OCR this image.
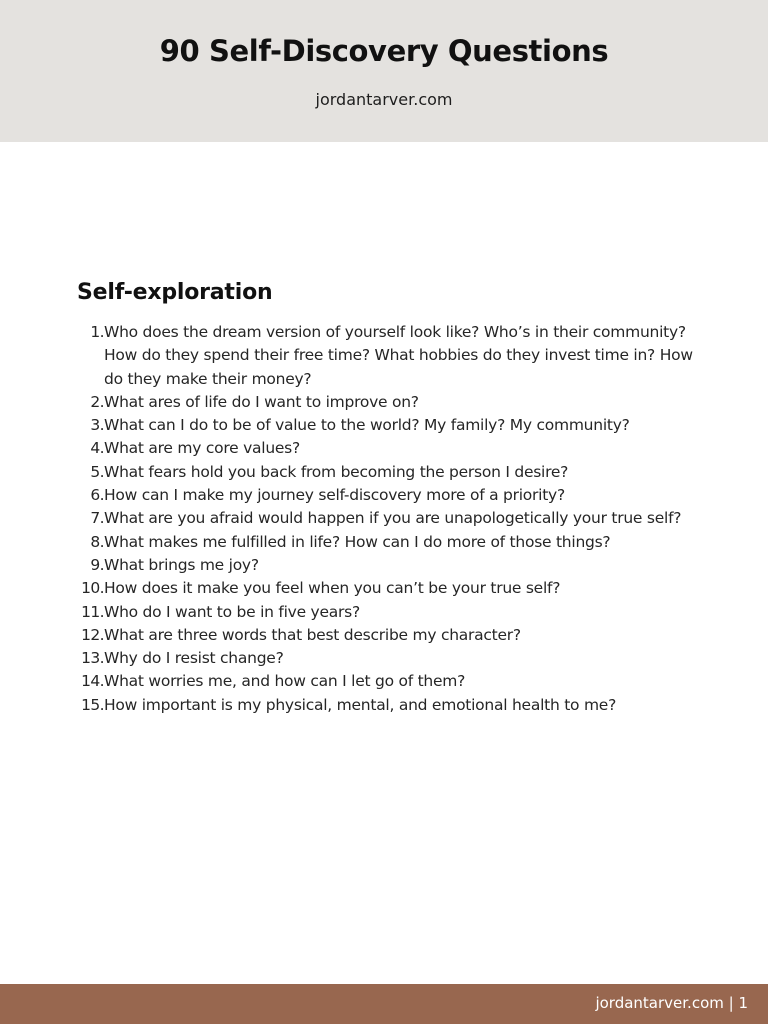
90 Self-Discovery Questions
jordantarver.com
Self-exploration
1. Who does the dream version of yourself look like? Who’s in their community? How do they spend their free time? What hobbies do they invest time in? How do they make their money?
2. What ares of life do I want to improve on?
3. What can I do to be of value to the world? My family? My community?
4. What are my core values?
5. What fears hold you back from becoming the person I desire?
6. How can I make my journey self-discovery more of a priority?
7. What are you afraid would happen if you are unapologetically your true self?
8. What makes me fulfilled in life? How can I do more of those things?
9. What brings me joy?
10. How does it make you feel when you can’t be your true self?
11. Who do I want to be in five years?
12. What are three words that best describe my character?
13. Why do I resist change?
14. What worries me, and how can I let go of them?
15. How important is my physical, mental, and emotional health to me?
jordantarver.com | 1
